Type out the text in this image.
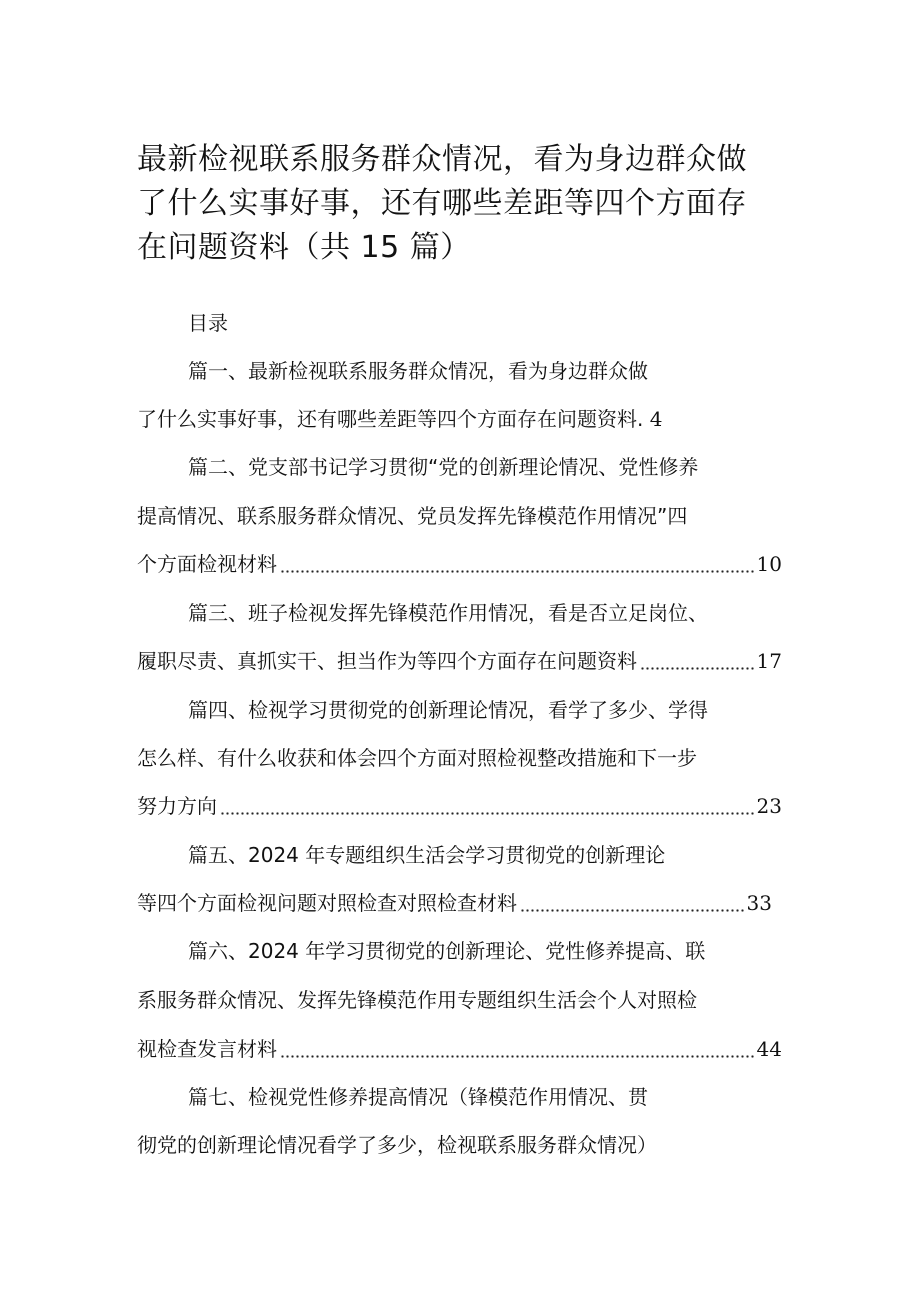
最新检视联系服务群众情况，看为身边群众做
了什么实事好事，还有哪些差距等四个方面存
在问题资料（共 15 篇）
目录
篇一、最新检视联系服务群众情况，看为身边群众做
了什么实事好事，还有哪些差距等四个方面存在问题资料. 4
篇二、党支部书记学习贯彻“党的创新理论情况、党性修养
提高情况、联系服务群众情况、党员发挥先锋模范作用情况”四
个方面检视材料	10
篇三、班子检视发挥先锋模范作用情况，看是否立足岗位、
履职尽责、真抓实干、担当作为等四个方面存在问题资料	17
篇四、检视学习贯彻党的创新理论情况，看学了多少、学得
怎么样、有什么收获和体会四个方面对照检视整改措施和下一步
努力方向	23
篇五、2024 年专题组织生活会学习贯彻党的创新理论
等四个方面检视问题对照检查对照检查材料	33
篇六、2024 年学习贯彻党的创新理论、党性修养提高、联
系服务群众情况、发挥先锋模范作用专题组织生活会个人对照检
视检查发言材料	44
篇七、检视党性修养提高情况（锋模范作用情况、贯
彻党的创新理论情况看学了多少，检视联系服务群众情况）
